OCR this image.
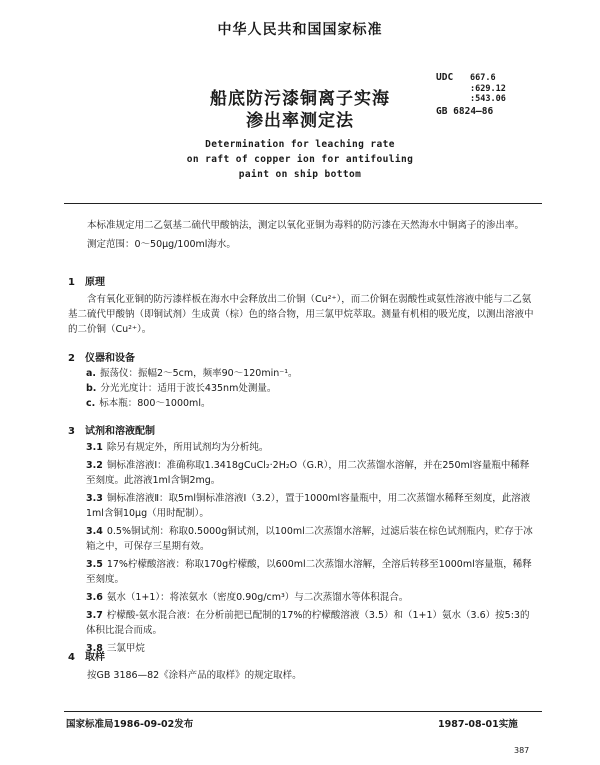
中华人民共和国国家标准
船底防污漆铜离子实海
渗出率测定法
UDC 667.6
:629.12
:543.06
GB 6824—86
Determination for leaching rate
on raft of copper ion for antifouling
paint on ship bottom

本标准规定用二乙氨基二硫代甲酸钠法，测定以氧化亚铜为毒料的防污漆在天然海水中铜离子的渗出率。

测定范围：0～50μg/100ml海水。

1　原理

含有氧化亚铜的防污漆样板在海水中会释放出二价铜（Cu²⁺），而二价铜在弱酸性或氨性溶液中能与二乙氨基二硫代甲酸钠（即铜试剂）生成黄（棕）色的络合物，用三氯甲烷萃取。测量有机相的吸光度，以测出溶液中的二价铜（Cu²⁺）。

2　仪器和设备
a. 振荡仪：振幅2～5cm，频率90～120min⁻¹。
b. 分光光度计：适用于波长435nm处测量。
c. 标本瓶：800～1000ml。
3　试剂和溶液配制
3.1 除另有规定外，所用试剂均为分析纯。
3.2 铜标准溶液Ⅰ：准确称取1.3418gCuCl₂·2H₂O（G.R），用二次蒸馏水溶解，并在250ml容量瓶中稀释至刻度。此溶液1ml含铜2mg。
3.3 铜标准溶液Ⅱ：取5ml铜标准溶液Ⅰ（3.2），置于1000ml容量瓶中，用二次蒸馏水稀释至刻度，此溶液1ml含铜10μg（用时配制）。
3.4 0.5%铜试剂：称取0.5000g铜试剂，以100ml二次蒸馏水溶解，过滤后装在棕色试剂瓶内，贮存于冰箱之中，可保存三星期有效。
3.5 17%柠檬酸溶液：称取170g柠檬酸，以600ml二次蒸馏水溶解，全溶后转移至1000ml容量瓶，稀释至刻度。
3.6 氨水（1+1）：将浓氨水（密度0.90g/cm³）与二次蒸馏水等体积混合。
3.7 柠檬酸-氨水混合液：在分析前把已配制的17%的柠檬酸溶液（3.5）和（1+1）氨水（3.6）按5:3的体积比混合而成。
3.8 三氯甲烷
4　取样

按GB 3186—82《涂料产品的取样》的规定取样。

国家标准局1986-09-02发布	1987-08-01实施
387
